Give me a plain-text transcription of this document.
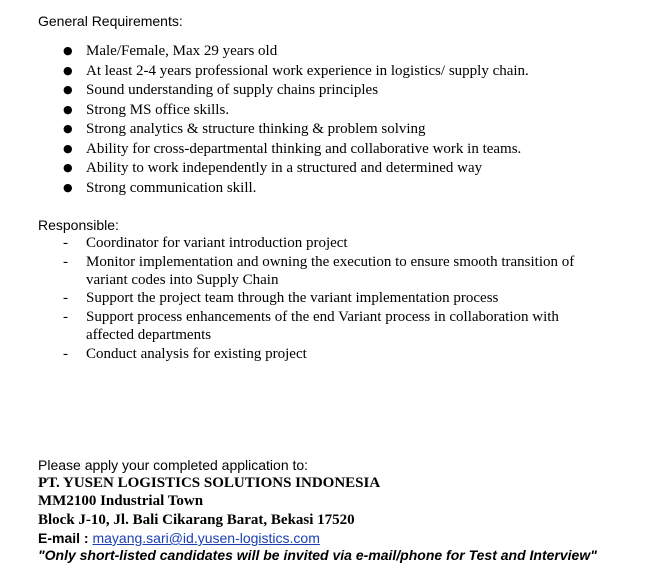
General Requirements:
● Male/Female, Max 29 years old
● At least 2-4 years professional work experience in logistics/ supply chain.
● Sound understanding of supply chains principles
● Strong MS office skills.
● Strong analytics & structure thinking & problem solving
● Ability for cross-departmental thinking and collaborative work in teams.
● Ability to work independently in a structured and determined way
● Strong communication skill.
Responsible:
- Coordinator for variant introduction project
- Monitor implementation and owning the execution to ensure smooth transition of
variant codes into Supply Chain
- Support the project team through the variant implementation process
- Support process enhancements of the end Variant process in collaboration with
affected departments
- Conduct analysis for existing project
Please apply your completed application to:
PT. YUSEN LOGISTICS SOLUTIONS INDONESIA
MM2100 Industrial Town
Block J-10, Jl. Bali Cikarang Barat, Bekasi 17520
E-mail : mayang.sari@id.yusen-logistics.com
"Only short-listed candidates will be invited via e-mail/phone for Test and Interview"
